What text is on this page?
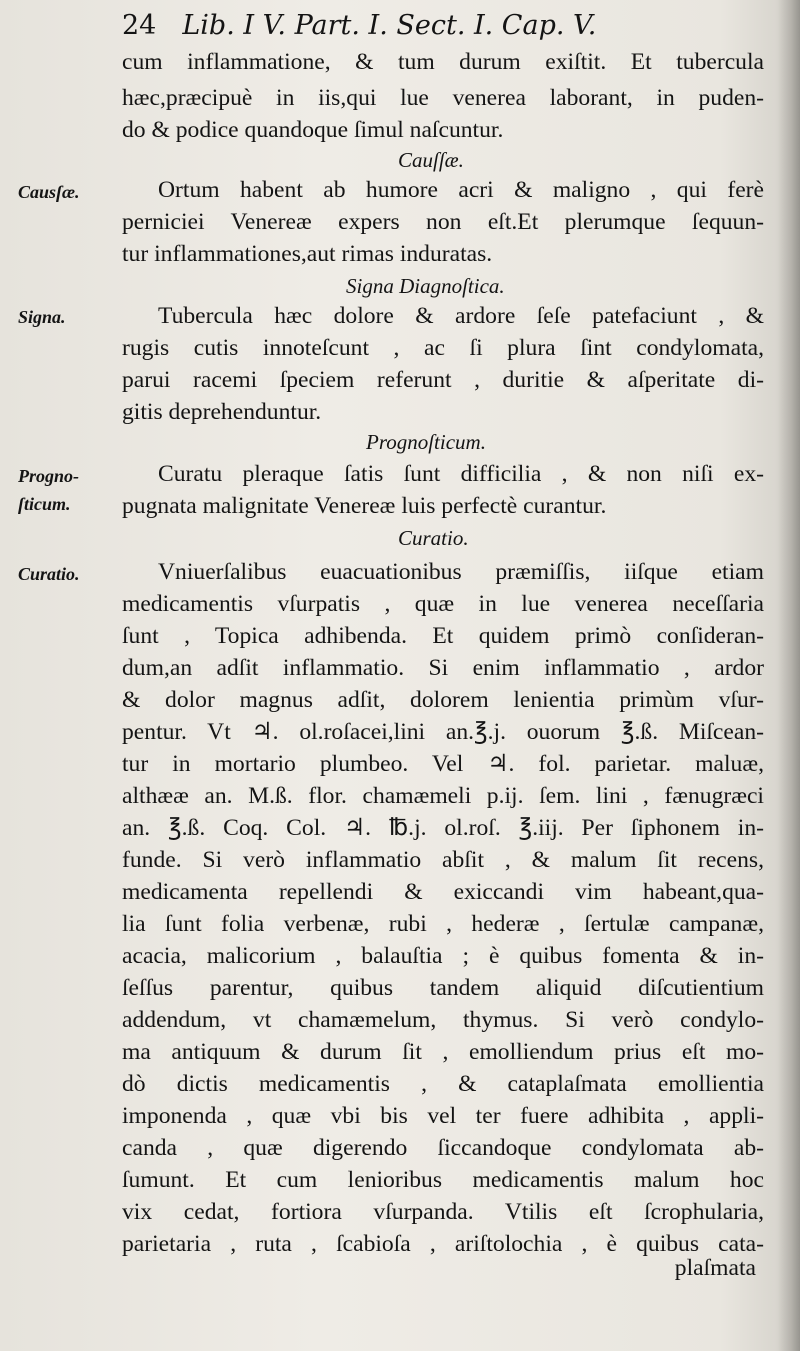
24 Lib. I V. Part. I. Sect. I. Cap. V.
cum inflammatione, & tum durum exiſtit. Et tubercula
hæc,præcipuè in iis,qui lue venerea laborant, in puden-
do & podice quandoque ſimul naſcuntur.
Cauſſæ.
Causſæ.	Ortum habent ab humore acri & maligno , qui ferè
perniciei Venereæ expers non eſt.Et plerumque ſequun-
tur inflammationes,aut rimas induratas.
Signa Diagnoſtica.
Signa.	Tubercula hæc dolore & ardore ſeſe patefaciunt , &
rugis cutis innoteſcunt , ac ſi plura ſint condylomata,
parui racemi ſpeciem referunt , duritie & aſperitate di-
gitis deprehenduntur.
Prognoſticum.
Progno-
ſticum.
Curatu pleraque ſatis ſunt difficilia , & non niſi ex-
pugnata malignitate Venereæ luis perfectè curantur.
Curatio.
Curatio.	Vniuerſalibus euacuationibus præmiſſis, iiſque etiam
medicamentis vſurpatis , quæ in lue venerea neceſſaria
ſunt , Topica adhibenda. Et quidem primò conſideran-
dum,an adſit inflammatio. Si enim inflammatio , ardor
& dolor magnus adſit, dolorem lenientia primùm vſur-
pentur. Vt ♃. ol.roſacei,lini an.℥.j. ouorum ℥.ß. Miſcean-
tur in mortario plumbeo. Vel ♃. fol. parietar. maluæ,
althææ an. M.ß. flor. chamæmeli p.ij. ſem. lini , fænugræci
an. ℥.ß. Coq. Col. ♃. ℔.j. ol.roſ. ℥.iij. Per ſiphonem in-
funde. Si verò inflammatio abſit , & malum ſit recens,
medicamenta repellendi & exiccandi vim habeant,qua-
lia ſunt folia verbenæ, rubi , hederæ , ſertulæ campanæ,
acacia, malicorium , balauſtia ; è quibus fomenta & in-
ſeſſus parentur, quibus tandem aliquid diſcutientium
addendum, vt chamæmelum, thymus. Si verò condylo-
ma antiquum & durum ſit , emolliendum prius eſt mo-
dò dictis medicamentis , & cataplaſmata emollientia
imponenda , quæ vbi bis vel ter fuere adhibita , appli-
canda , quæ digerendo ſiccandoque condylomata ab-
ſumunt. Et cum lenioribus medicamentis malum hoc
vix cedat, fortiora vſurpanda. Vtilis eſt ſcrophularia,
parietaria , ruta , ſcabioſa , ariſtolochia , è quibus cata-
plaſmata
